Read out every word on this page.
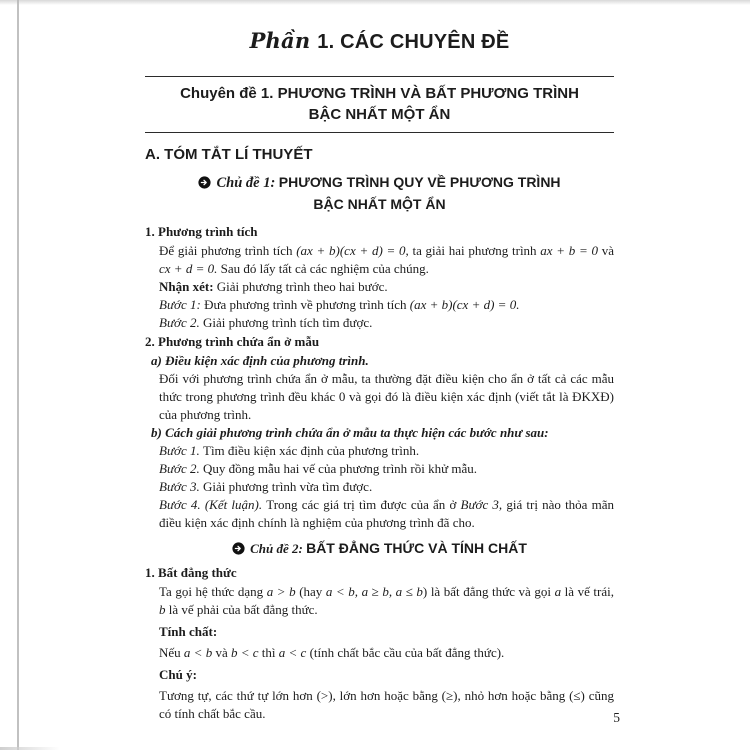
Phần 1. CÁC CHUYÊN ĐỀ
Chuyên đề 1. PHƯƠNG TRÌNH VÀ BẤT PHƯƠNG TRÌNH
BẬC NHẤT MỘT ẨN
A. TÓM TẮT LÍ THUYẾT
Chủ đề 1: PHƯƠNG TRÌNH QUY VỀ PHƯƠNG TRÌNH
BẬC NHẤT MỘT ẨN
1. Phương trình tích
Để giải phương trình tích (ax + b)(cx + d) = 0, ta giải hai phương trình ax + b = 0 và cx + d = 0. Sau đó lấy tất cả các nghiệm của chúng.
Nhận xét: Giải phương trình theo hai bước.
Bước 1: Đưa phương trình về phương trình tích (ax + b)(cx + d) = 0.
Bước 2. Giải phương trình tích tìm được.
2. Phương trình chứa ẩn ở mẫu
a) Điều kiện xác định của phương trình.
Đối với phương trình chứa ẩn ở mẫu, ta thường đặt điều kiện cho ẩn ở tất cả các mẫu thức trong phương trình đều khác 0 và gọi đó là điều kiện xác định (viết tắt là ĐKXĐ) của phương trình.
b) Cách giải phương trình chứa ẩn ở mẫu ta thực hiện các bước như sau:
Bước 1. Tìm điều kiện xác định của phương trình.
Bước 2. Quy đồng mẫu hai vế của phương trình rồi khử mẫu.
Bước 3. Giải phương trình vừa tìm được.
Bước 4. (Kết luận). Trong các giá trị tìm được của ẩn ở Bước 3, giá trị nào thỏa mãn điều kiện xác định chính là nghiệm của phương trình đã cho.
Chủ đề 2: BẤT ĐẲNG THỨC VÀ TÍNH CHẤT
1. Bất đẳng thức
Ta gọi hệ thức dạng a > b (hay a < b, a ≥ b, a ≤ b) là bất đẳng thức và gọi a là vế trái, b là vế phải của bất đẳng thức.
Tính chất:
Nếu a < b và b < c thì a < c (tính chất bắc cầu của bất đẳng thức).
Chú ý:
Tương tự, các thứ tự lớn hơn (>), lớn hơn hoặc bằng (≥), nhỏ hơn hoặc bằng (≤) cũng có tính chất bắc cầu.	5
